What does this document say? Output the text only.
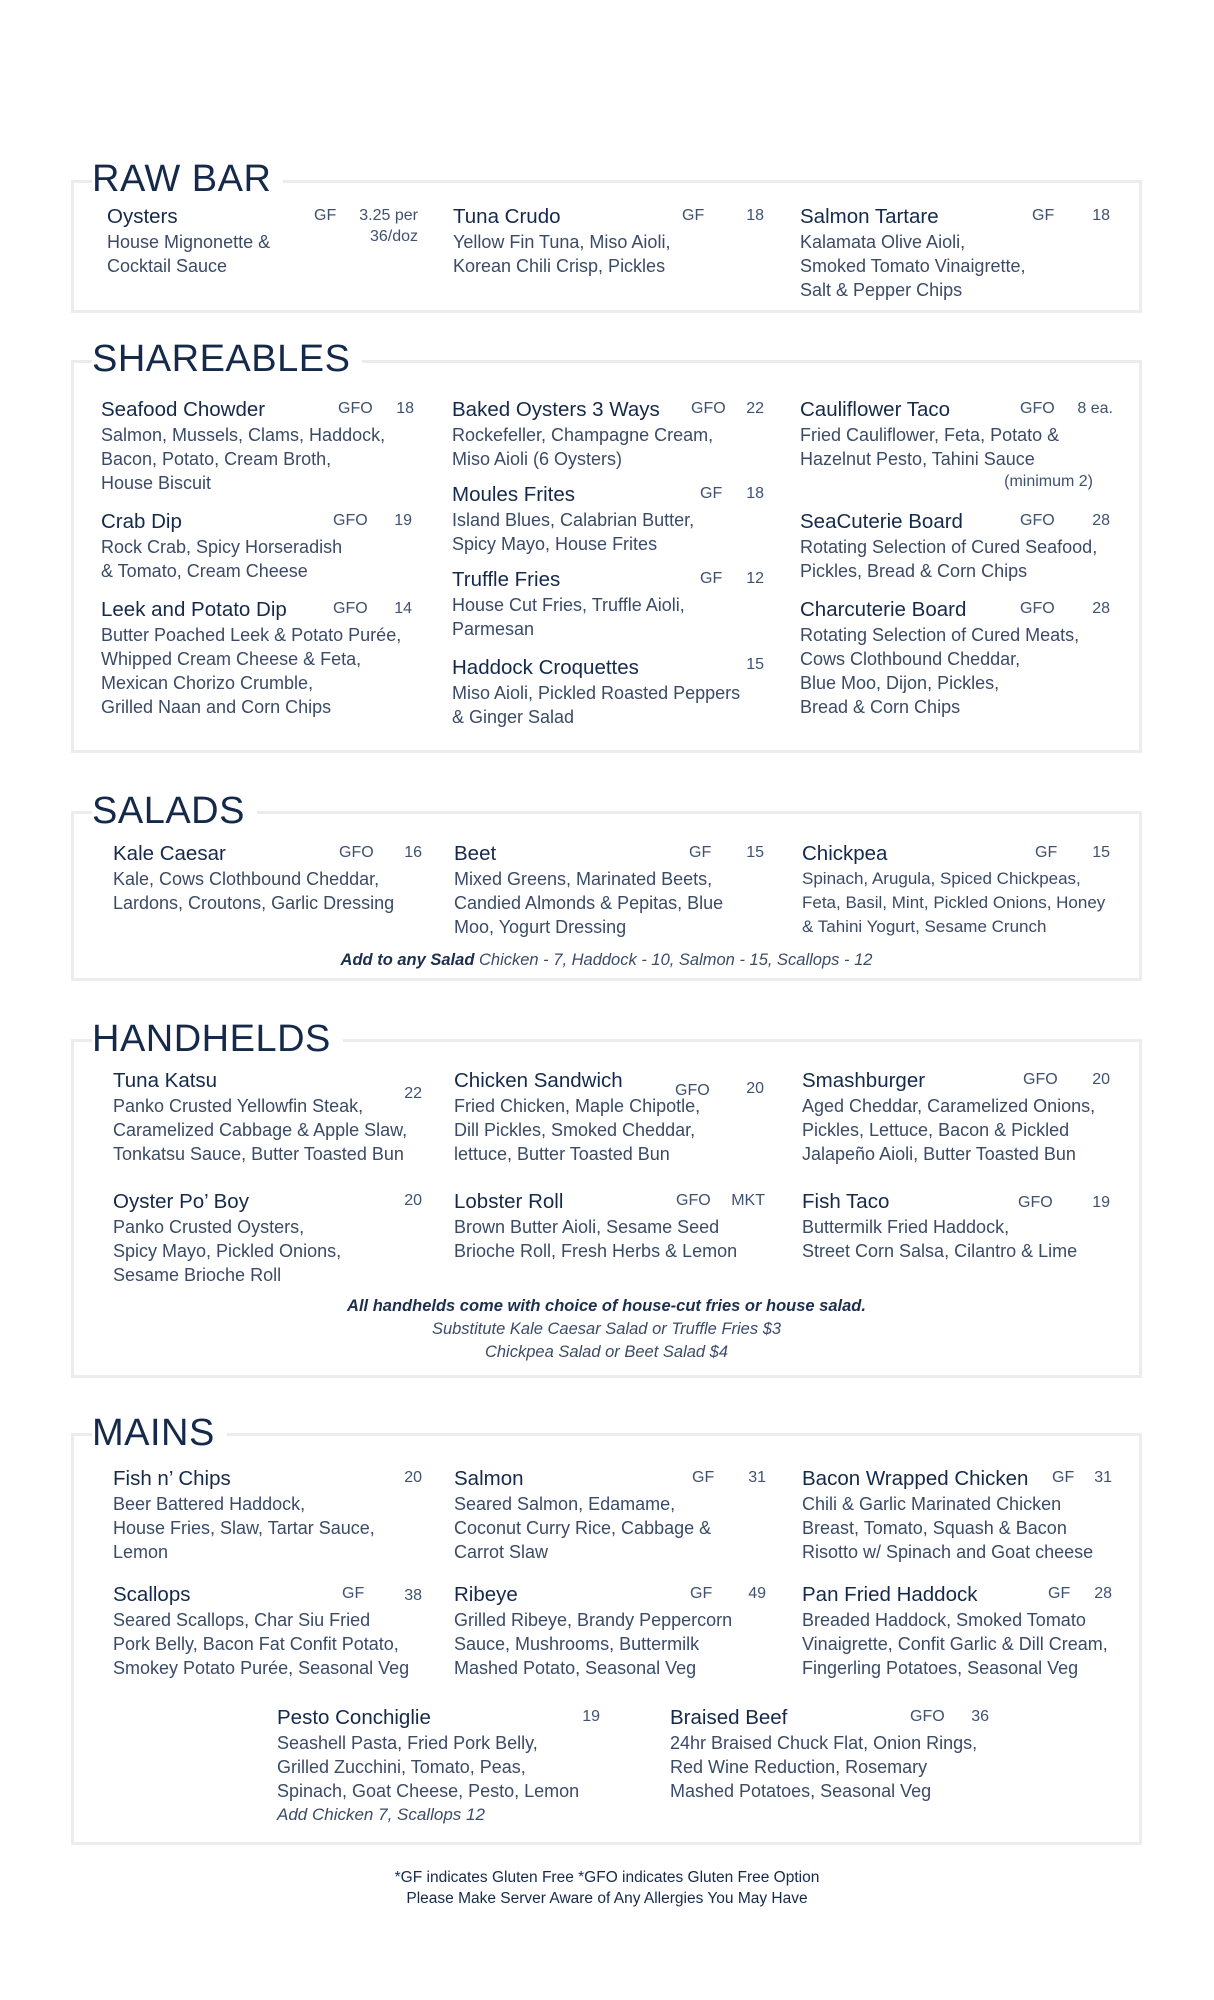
RAW BAR
Oysters
House Mignonette &
Cocktail Sauce
GF	3.25 per
36/doz
Tuna Crudo
Yellow Fin Tuna, Miso Aioli,
Korean Chili Crisp, Pickles
GF	18 Salmon Tartare
Kalamata Olive Aioli,
Smoked Tomato Vinaigrette,
Salt & Pepper Chips
GF	18
SHAREABLES
Seafood Chowder
Salmon, Mussels, Clams, Haddock,
Bacon, Potato, Cream Broth,
House Biscuit
GFO	18
Crab Dip
Rock Crab, Spicy Horseradish
& Tomato, Cream Cheese
GFO	19
Leek and Potato Dip
Butter Poached Leek & Potato Purée,
Whipped Cream Cheese & Feta,
Mexican Chorizo Crumble,
Grilled Naan and Corn Chips
GFO	14
Baked Oysters 3 Ways
Rockefeller, Champagne Cream,
Miso Aioli (6 Oysters)
GFO	22
Moules Frites
Island Blues, Calabrian Butter,
Spicy Mayo, House Frites
GF	18
Truffle Fries
House Cut Fries, Truffle Aioli,
Parmesan
GF	12
Haddock Croquettes
Miso Aioli, Pickled Roasted Peppers
& Ginger Salad
15
Cauliflower Taco
Fried Cauliflower, Feta, Potato &
Hazelnut Pesto, Tahini Sauce
GFO	8 ea.
(minimum 2)
SeaCuterie Board
Rotating Selection of Cured Seafood,
Pickles, Bread & Corn Chips
GFO	28
Charcuterie Board
Rotating Selection of Cured Meats,
Cows Clothbound Cheddar,
Blue Moo, Dijon, Pickles,
Bread & Corn Chips
GFO	28
SALADS
Kale Caesar
Kale, Cows Clothbound Cheddar,
Lardons, Croutons, Garlic Dressing
GFO	16 Beet
Mixed Greens, Marinated Beets,
Candied Almonds & Pepitas, Blue
Moo, Yogurt Dressing
GF	15 Chickpea
Spinach, Arugula, Spiced Chickpeas,
Feta, Basil, Mint, Pickled Onions, Honey
& Tahini Yogurt, Sesame Crunch
GF	15
Add to any Salad Chicken - 7, Haddock - 10, Salmon - 15, Scallops - 12
HANDHELDS
Tuna Katsu
Panko Crusted Yellowfin Steak,
Caramelized Cabbage & Apple Slaw,
Tonkatsu Sauce, Butter Toasted Bun
22
Chicken Sandwich
Fried Chicken, Maple Chipotle,
Dill Pickles, Smoked Cheddar,
lettuce, Butter Toasted Bun
GFO	20 Smashburger
Aged Cheddar, Caramelized Onions,
Pickles, Lettuce, Bacon & Pickled
Jalapeño Aioli, Butter Toasted Bun
GFO	20
Oyster Po’ Boy
Panko Crusted Oysters,
Spicy Mayo, Pickled Onions,
Sesame Brioche Roll
20 Lobster Roll
Brown Butter Aioli, Sesame Seed
Brioche Roll, Fresh Herbs & Lemon
GFO	MKT Fish Taco
Buttermilk Fried Haddock,
Street Corn Salsa, Cilantro & Lime
GFO	19
All handhelds come with choice of house-cut fries or house salad.
Substitute Kale Caesar Salad or Truffle Fries $3
Chickpea Salad or Beet Salad $4
MAINS
Fish n’ Chips
Beer Battered Haddock,
House Fries, Slaw, Tartar Sauce,
Lemon
20 Salmon
Seared Salmon, Edamame,
Coconut Curry Rice, Cabbage &
Carrot Slaw
GF	31 Bacon Wrapped Chicken
Chili & Garlic Marinated Chicken
Breast, Tomato, Squash & Bacon
Risotto w/ Spinach and Goat cheese
GF	31
Scallops
Seared Scallops, Char Siu Fried
Pork Belly, Bacon Fat Confit Potato,
Smokey Potato Purée, Seasonal Veg
GF	38 Ribeye
Grilled Ribeye, Brandy Peppercorn
Sauce, Mushrooms, Buttermilk
Mashed Potato, Seasonal Veg
GF	49 Pan Fried Haddock
Breaded Haddock, Smoked Tomato
Vinaigrette, Confit Garlic & Dill Cream,
Fingerling Potatoes, Seasonal Veg
GF	28
Pesto Conchiglie
Seashell Pasta, Fried Pork Belly,
Grilled Zucchini, Tomato, Peas,
Spinach, Goat Cheese, Pesto, Lemon
Add Chicken 7, Scallops 12
19	Braised Beef
24hr Braised Chuck Flat, Onion Rings,
Red Wine Reduction, Rosemary
Mashed Potatoes, Seasonal Veg
GFO	36
*GF indicates Gluten Free *GFO indicates Gluten Free Option
Please Make Server Aware of Any Allergies You May Have
